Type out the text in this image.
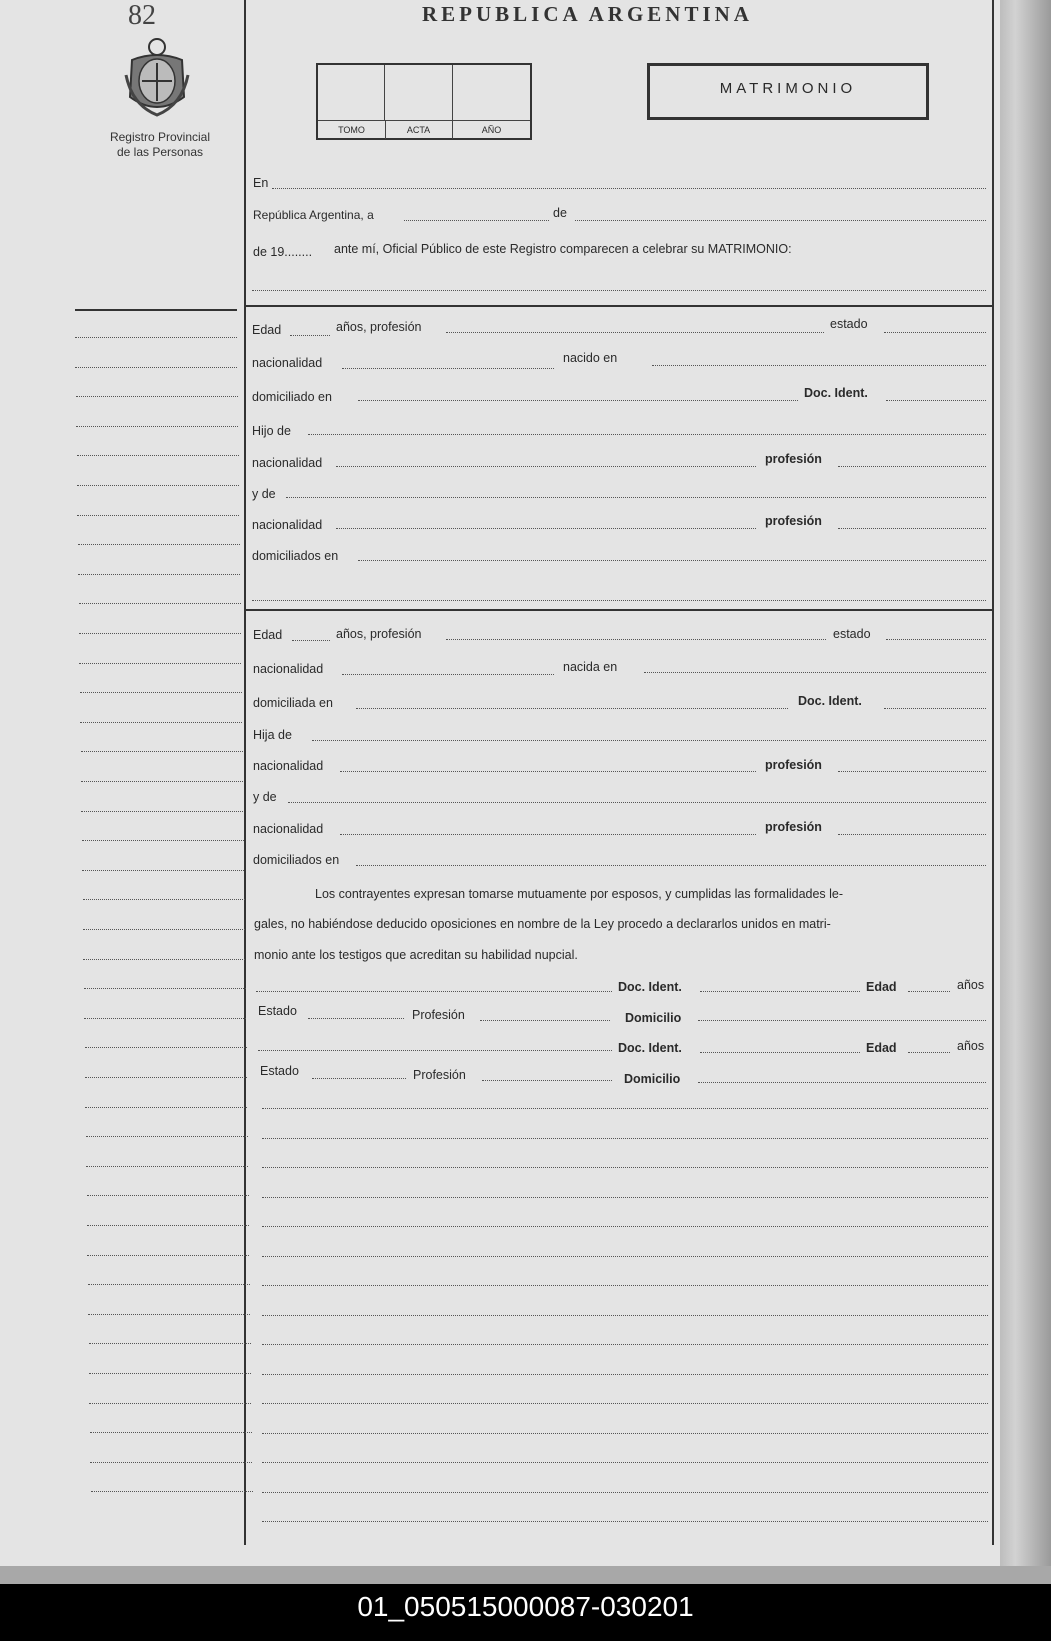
82
Registro Provincial
de las Personas
REPUBLICA ARGENTINA
TOMO	ACTA	AÑO
MATRIMONIO
En
República Argentina, a	de
de 19........ ante mí, Oficial Público de este Registro comparecen a celebrar su MATRIMONIO:
Edad	años, profesión	estado
nacionalidad	nacido en
domiciliado en	Doc. Ident.
Hijo de
nacionalidad	profesión
y de
nacionalidad	profesión
domiciliados en
Edad	años, profesión	estado
nacionalidad	nacida en
domiciliada en	Doc. Ident.
Hija de
nacionalidad	profesión
y de
nacionalidad	profesión
domiciliados en
Los contrayentes expresan tomarse mutuamente por esposos, y cumplidas las formalidades le-
gales, no habiéndose deducido oposiciones en nombre de la Ley procedo a declararlos unidos en matri-
monio ante los testigos que acreditan su habilidad nupcial.
Doc. Ident.	Edad	años
Estado	Profesión	Domicilio
Doc. Ident.	Edad	años
Estado	Profesión	Domicilio
01_050515000087-030201
